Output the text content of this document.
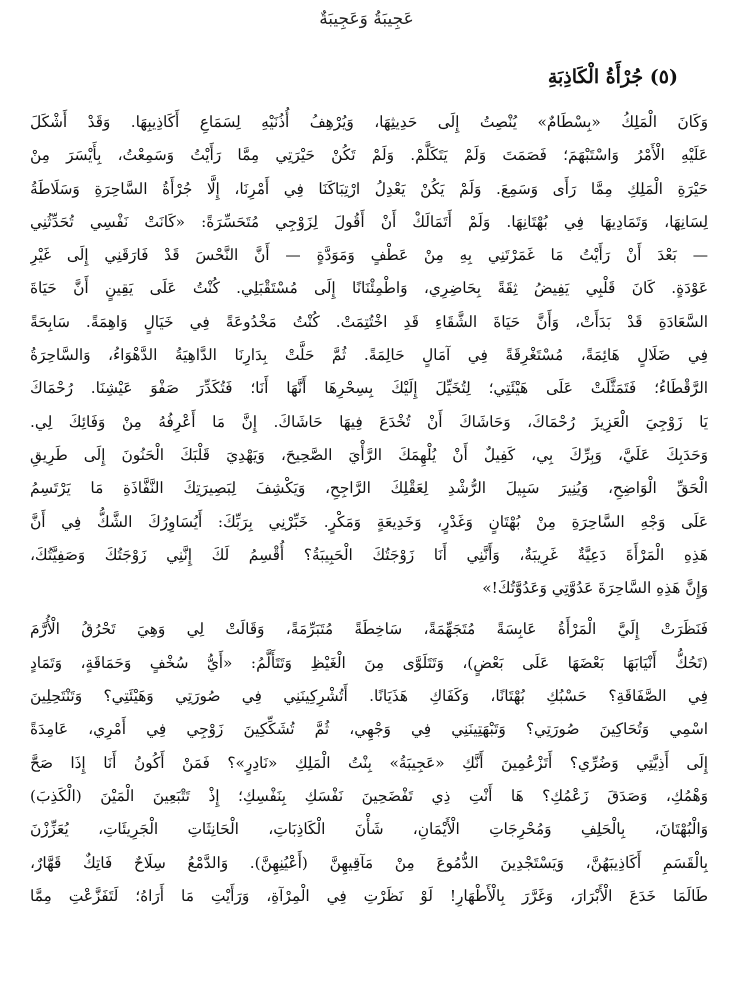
عَجِيبَةُ وَعَجِيبَةٌ
(٥) جُرْأَةُ الْكَاذِبَةِ
وَكَانَ الْمَلِكُ «بِسْطَامٌ» يُنْصِتُ إِلَى حَدِيثِهَا، وَيُرْهِفُ أُذُنَيْهِ لِسَمَاعِ أَكَاذِيبِهَا. وَقَدْ أَشْكَلَ
عَلَيْهِ الْأَمْرُ وَاسْتَبْهَمَ؛ فَصَمَتَ وَلَمْ يَتَكَلَّمْ. وَلَمْ تَكُنْ حَيْرَتِي مِمَّا رَأَيْتُ وَسَمِعْتُ، بِأَيْسَرَ مِنْ
حَيْرَةِ الْمَلِكِ مِمَّا رَأَى وَسَمِعَ. وَلَمْ يَكُنْ يَعْدِلُ ارْتِبَاكَنَا فِي أَمْرِنَا، إِلَّا جُرْأَةُ السَّاحِرَةِ وَسَلَاطَةُ
لِسَانِهَا، وَتَمَادِيهَا فِي بُهْتَانِهَا. وَلَمْ أَتَمَالَكْ أَنْ أَقُولَ لِزَوْجِي مُتَحَسِّرَةً: «كَانَتْ نَفْسِي تُحَدِّثُنِي
— بَعْدَ أَنْ رَأَيْتُ مَا غَمَرْتَنِي بِهِ مِنْ عَطْفٍ وَمَوَدَّةٍ — أَنَّ النَّحْسَ قَدْ فَارَقَنِي إِلَى غَيْرِ
عَوْدَةٍ. كَانَ قَلْبِي يَفِيضُ ثِقَةً بِحَاضِرِي، وَاطْمِئْنَانًا إِلَى مُسْتَقْبَلِي. كُنْتُ عَلَى يَقِينٍ أَنَّ حَيَاةَ
السَّعَادَةِ قَدْ بَدَأَتْ، وَأَنَّ حَيَاةَ الشَّقَاءِ قَدِ اخْتُتِمَتْ. كُنْتُ مَخْدُوعَةً فِي خَيَالٍ وَاهِمَةً. سَابِحَةً
فِي ضَلَالٍ هَائِمَةً، مُسْتَغْرِقَةً فِي آمَالٍ حَالِمَةً. ثُمَّ حَلَّتْ بِدَارِنَا الدَّاهِيَةُ الدَّهْوَاءُ، وَالسَّاحِرَةُ
الرَّقْطَاءُ؛ فَتَمَثَّلَتْ عَلَى هَيْئَتِي؛ لِتُخَيِّلَ إِلَيْكَ بِسِحْرِهَا أَنَّهَا أَنَا؛ فَتُكَدِّرَ صَفْوَ عَيْشِنَا. رُحْمَاكَ
يَا زَوْجِيَ الْعَزِيزَ رُحْمَاكَ، وَحَاشَاكَ أَنْ تُخْدَعَ فِيهَا حَاشَاكَ. إِنَّ مَا أَعْرِفُهُ مِنْ وَفَائِكَ لِي.
وَحَدَبِكَ عَلَيَّ، وَبِرِّكَ بِي، كَفِيلٌ أَنْ يُلْهِمَكَ الرَّأْيَ الصَّحِيحَ، وَيَهْدِيَ قَلْبَكَ الْحَنُونَ إِلَى طَرِيقِ
الْحَقِّ الْوَاضِحِ، وَيُنِيرَ سَبِيلَ الرُّشْدِ لِعَقْلِكَ الرَّاجِحِ، وَيَكْشِفَ لِبَصِيرَتِكَ النَّفَّاذَةِ مَا يَرْتَسِمُ
عَلَى وَجْهِ السَّاحِرَةِ مِنْ بُهْتَانٍ وَغَدْرٍ، وَخَدِيعَةٍ وَمَكْرٍ. خَبِّرْنِي بِرَبِّكَ: أَيُسَاوِرُكَ الشَّكُّ فِي أَنَّ
هَذِهِ الْمَرْأَةَ دَعِيَّةٌ غَرِيبَةٌ، وَأَنَّنِي أَنَا زَوْجَتُكَ الْحَبِيبَةُ؟ أُقْسِمُ لَكَ إِنَّنِي زَوْجَتُكَ وَصَفِيَّتُكَ،
وَإِنَّ هَذِهِ السَّاحِرَةَ عَدُوَّتِي وَعَدُوَّتُكَ!»
فَنَظَرَتْ إِلَيَّ الْمَرْأَةُ عَابِسَةً مُتَجَهِّمَةً، سَاخِطَةً مُتَبَرِّمَةً، وَقَالَتْ لِي وَهِيَ تَحْرُقُ الْأُرَّمَ
(تَحُكُّ أَنْيَابَهَا بَعْضَهَا عَلَى بَعْضٍ)، وَتَتَلَوَّى مِنَ الْغَيْظِ وَتَتَأَلَّمُ: «أَيُّ سُخْفٍ وَحَمَاقَةٍ، وَتَمَادٍ
فِي الصَّفَاقَةِ؟ حَسْبُكِ بُهْتَانًا، وَكَفَاكِ هَذَيَانًا. أَتُشْرِكِينَنِي فِي صُورَتِي وَهَيْئَتِي؟ وَتَنْتَحِلِينَ
اسْمِي وَتُحَاكِينَ صُورَتِي؟ وَتَبْهَتِينَنِي فِي وَجْهِي، ثُمَّ تُشَكِّكِينَ زَوْجِي فِي أَمْرِي، عَامِدَةً
إِلَى أَذِيَّتِي وَضُرِّي؟ أَتَزْعُمِينَ أَنَّكِ «عَجِيبَةُ» بِنْتُ الْمَلِكِ «نَادِرٍ»؟ فَمَنْ أَكُونُ أَنَا إِذَا صَحَّ
وَهْمُكِ، وَصَدَقَ زَعْمُكِ؟ هَا أَنْتِ ذِي تَفْضَحِينَ نَفْسَكِ بِنَفْسِكِ؛ إِذْ تَتْبَعِينَ الْمَيْنَ (الْكَذِبَ)
وَالْبُهْتَانَ، بِالْحَلِفِ وَمُحْرِجَاتِ الْأَيْمَانِ، شَأْنَ الْكَاذِبَاتِ، الْحَانِثَاتِ الْجَرِيئَاتِ، يُعَزِّزْنَ
بِالْقَسَمِ أَكَاذِيبَهُنَّ، وَيَسْتَجْدِينَ الدُّمُوعَ مِنْ مَآقِيهِنَّ (أَعْيُنِهِنَّ). وَالدَّمْعُ سِلَاحٌ فَاتِكٌ قَهَّارٌ،
طَالَمَا خَدَعَ الْأَبْرَارَ، وَغَرَّرَ بِالْأَطْهَارِ! لَوْ نَظَرْتِ فِي الْمِرْآةِ، وَرَأَيْتِ مَا أَرَاهُ؛ لَتَفَزَّعْتِ مِمَّا
